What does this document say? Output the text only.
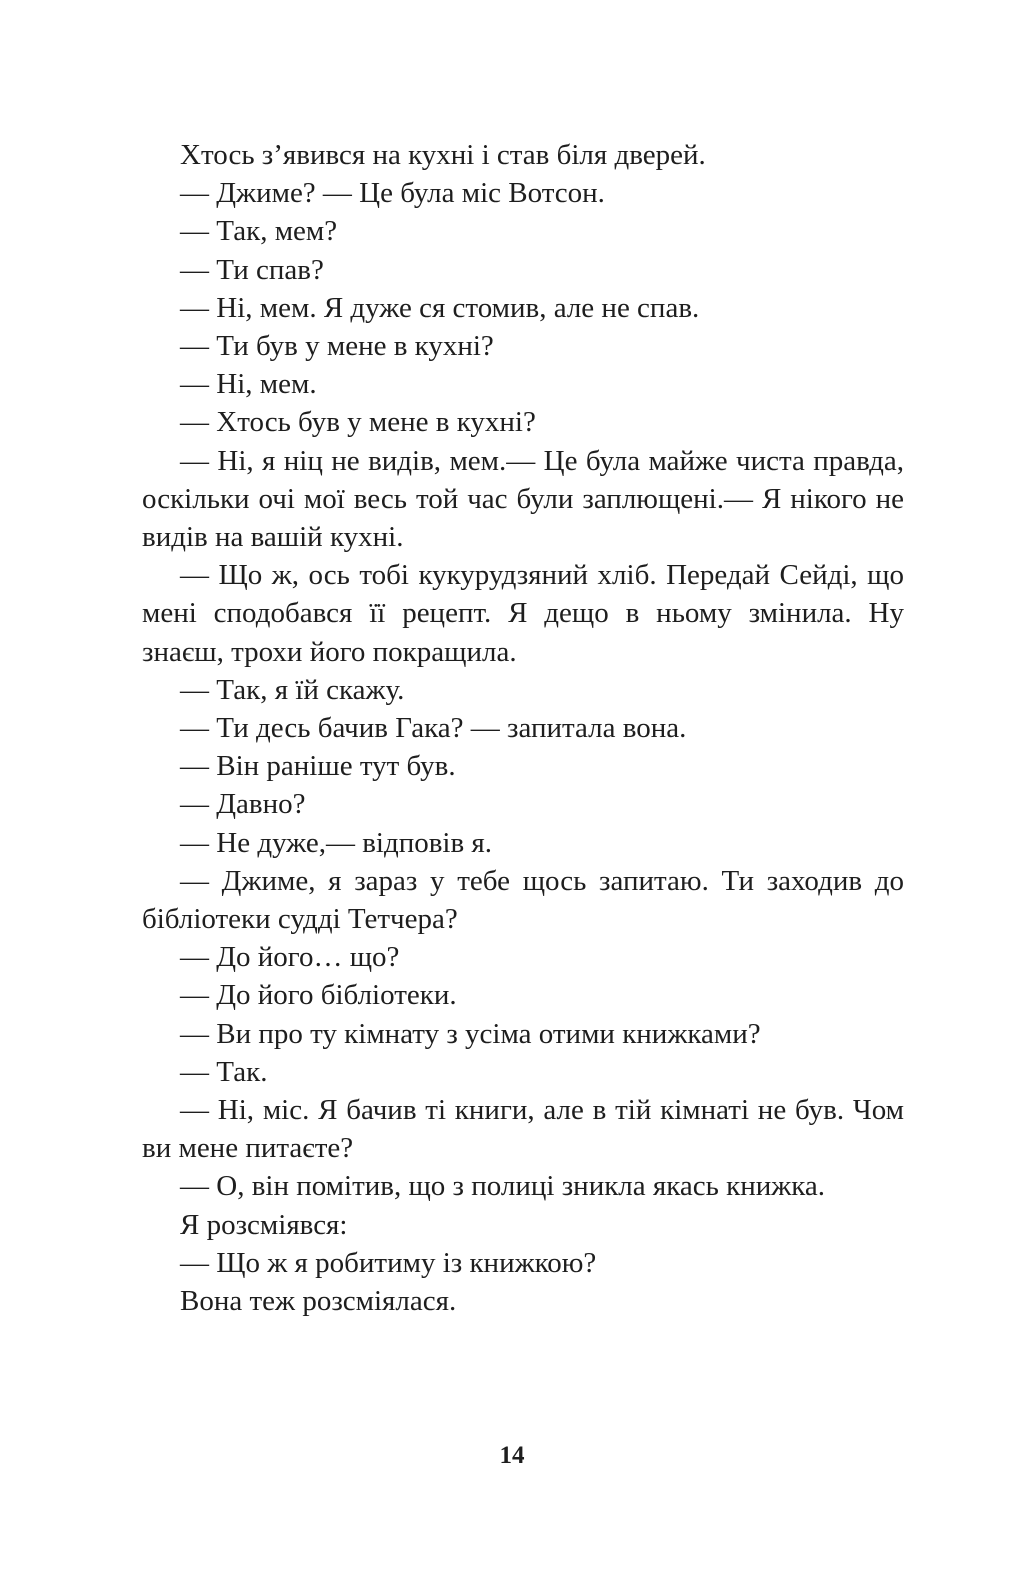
Хтось з’явився на кухні і став біля дверей.

— Джиме? — Це була міс Вотсон.

— Так, мем?

— Ти спав?

— Ні, мем. Я дуже ся стомив, але не спав.

— Ти був у мене в кухні?

— Ні, мем.

— Хтось був у мене в кухні?

— Ні, я ніц не видів, мем.— Це була майже чиста правда, оскільки очі мої весь той час були заплющені.— Я нікого не видів на вашій кухні.

— Що ж, ось тобі кукурудзяний хліб. Передай Сейді, що мені сподобався її рецепт. Я дещо в ньому змінила. Ну знаєш, трохи його покращила.

— Так, я їй скажу.

— Ти десь бачив Гака? — запитала вона.

— Він раніше тут був.

— Давно?

— Не дуже,— відповів я.

— Джиме, я зараз у тебе щось запитаю. Ти заходив до бібліотеки судді Тетчера?

— До його… що?

— До його бібліотеки.

— Ви про ту кімнату з усіма отими книжками?

— Так.

— Ні, міс. Я бачив ті книги, але в тій кімнаті не був. Чом ви мене питаєте?

— О, він помітив, що з полиці зникла якась книжка.

Я розсміявся:

— Що ж я робитиму із книжкою?

Вона теж розсміялася.

14
